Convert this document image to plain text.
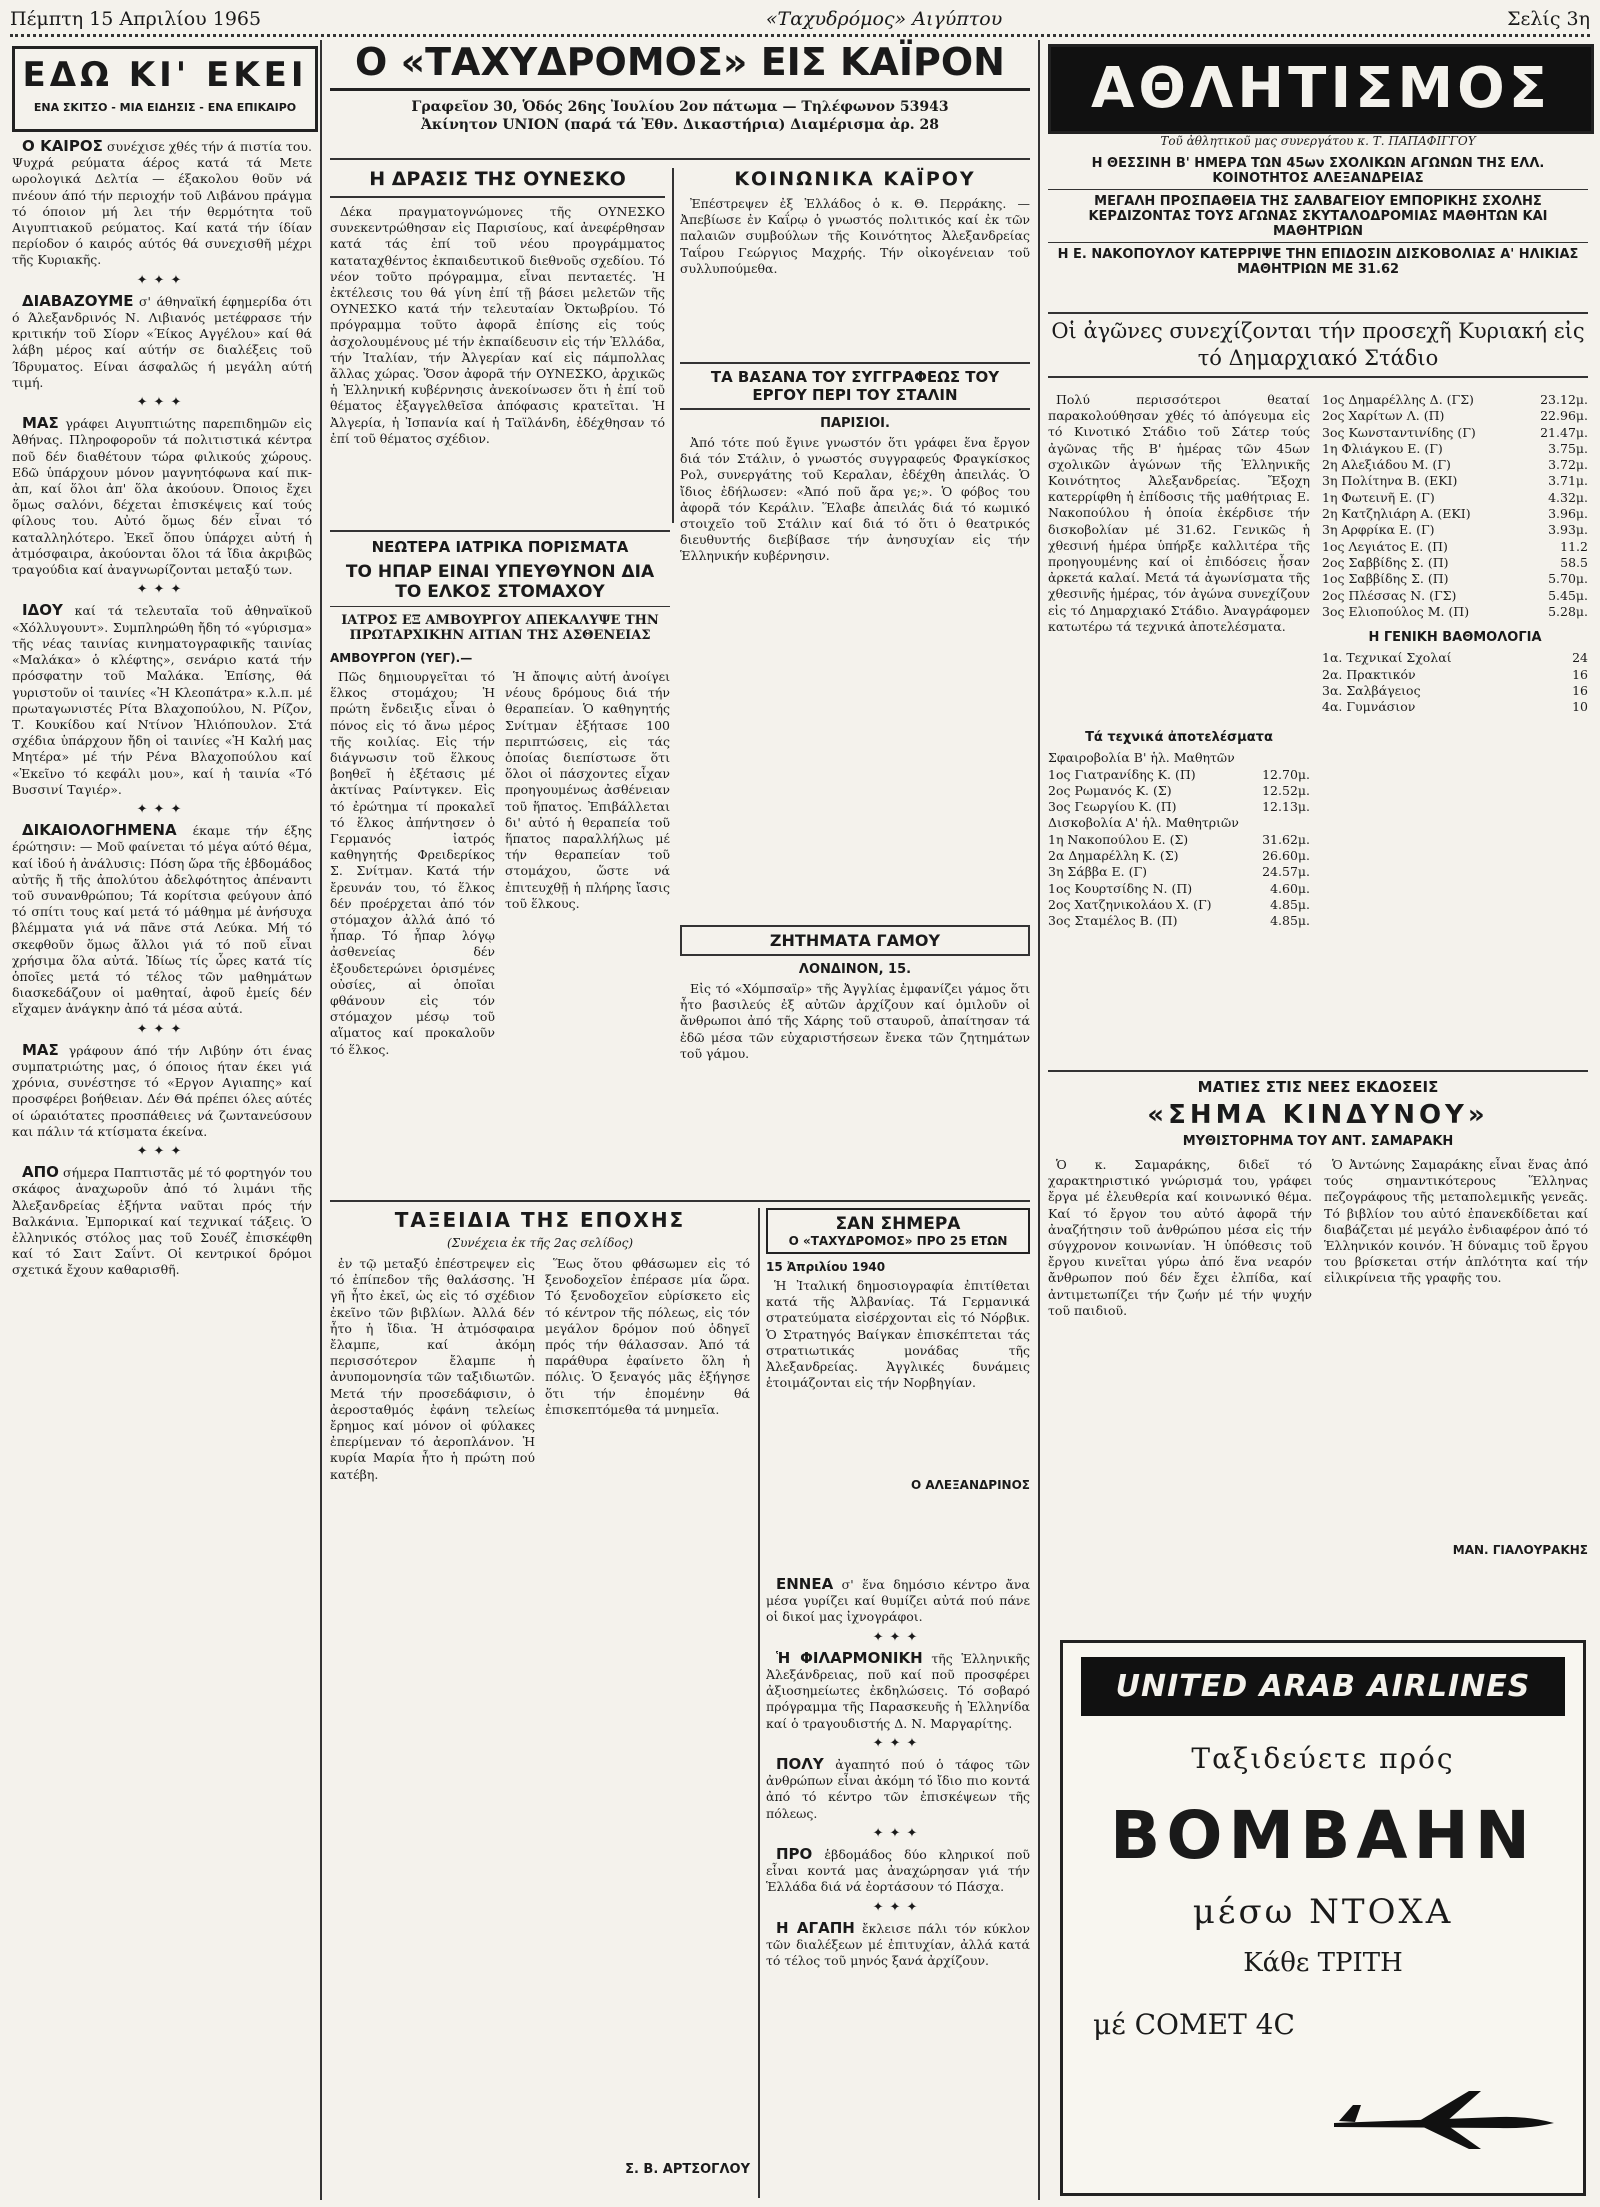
Πέμπτη 15 Απριλίου 1965	«Ταχυδρόμος» Αιγύπτου	Σελίς 3η
ΕΔΩ ΚΙ' ΕΚΕΙ
ΕΝΑ ΣΚΙΤΣΟ - ΜΙΑ ΕΙΔΗΣΙΣ - ΕΝΑ ΕΠΙΚΑΙΡΟ

Ο ΚΑΙΡΟΣ συνέχισε χθές τήν ά πιστία του. Ψυχρά ρεύματα άέρος κατά τά Μετε ωρολογικά Δελτία — έξακολου θοῦν νά πνέουν άπό τήν περιοχήν τοῦ Λιβάνου πράγμα τό όποιον μή λει τήν θερμότητα τοῦ Αιγυπτιακοῦ ρεύματος. Καί κατά τήν ίδίαν περίοδον ό καιρός αύτός θά συνεχισθῆ μέχρι τῆς Κυριακῆς.

✦✦✦

ΔΙΑΒΑΖΟΥΜΕ σ' άθηναϊκή έφημερίδα ότι ό Άλεξανδρινός Ν. Λιβιανός μετέφρασε τήν κριτικήν τοῦ Σίορν «Έίκος Αγγέλου» καί θά λάβη μέρος καί αύτήν σε διαλέξεις τοῦ Ίδρυματος. Είναι άσφαλῶς ή μεγάλη αύτή τιμή.

✦✦✦

ΜΑΣ γράφει Αιγυπτιώτης παρεπιδημῶν εἰς Ἀθήνας. Πληροφοροῦν τά πολιτιστικά κέντρα ποῦ δέν διαθέτουν τώρα φιλικούς χώρους. Εδῶ ὑπάρχουν μόνον μαγνητόφωνα καί πικ-ἀπ, καί ὅλοι ἀπ' ὅλα ἀκούουν. Όποιος ἔχει ὅμως σαλόνι, δέχεται ἐπισκέψεις καί τούς φίλους του. Αὐτό ὅμως δέν εἶναι τό καταλληλότερο. Ἐκεῖ ὅπου ὑπάρχει αὐτή ἡ ἀτμόσφαιρα, ἀκούονται ὅλοι τά ἴδια ἀκριβῶς τραγούδια καί ἀναγνωρίζονται μεταξύ των.

✦✦✦

ΙΔΟΥ καί τά τελευταῖα τοῦ ἀθηναϊκοῦ «Χόλλυγουντ». Συμπληρώθη ἤδη τό «γύρισμα» τῆς νέας ταινίας κινηματογραφικῆς ταινίας «Μαλάκα» ὁ κλέφτης», σενάριο κατά τήν πρόσφατην τοῦ Μαλάκα. Ἐπίσης, θά γυριστοῦν οἱ ταινίες «Ἡ Κλεοπάτρα» κ.λ.π. μέ πρωταγωνιστές Ρίτα Βλαχοπούλου, Ν. Ρίζον, Τ. Κουκίδου καί Ντίνον Ἠλιόπουλον. Στά σχέδια ὑπάρχουν ἤδη οἱ ταινίες «Ἡ Καλή μας Μητέρα» μέ τήν Ρένα Βλαχοπούλου καί «Ἐκεῖνο τό κεφάλι μου», καί ἡ ταινία «Τό Βυσσινί Ταγιέρ».

✦✦✦

ΔΙΚΑΙΟΛΟΓΗΜΕΝΑ έκαμε τήν έξης έρώτησιν: — Μοῦ φαίνεται τό μέγα αύτό θέμα, καί ἰδού ἡ ἀνάλυσις: Πόση ὥρα τῆς ἑβδομάδος αὐτῆς ἤ τῆς ἀπολύτου ἀδελφότητος ἀπέναντι τοῦ συνανθρώπου; Τά κορίτσια φεύγουν ἀπό τό σπίτι τους καί μετά τό μάθημα μέ ἀνήσυχα βλέμματα γιά νά πᾶνε στά Λεύκα. Μή τό σκεφθοῦν ὅμως ἄλλοι γιά τό ποῦ εἶναι χρήσιμα ὅλα αὐτά. Ἰδίως τίς ὧρες κατά τίς ὁποῖες μετά τό τέλος τῶν μαθημάτων διασκεδάζουν οἱ μαθηταί, ἀφοῦ ἐμείς δέν εἴχαμεν ἀνάγκην ἀπό τά μέσα αὐτά.

✦✦✦

ΜΑΣ γράφουν άπό τήν Λιβύην ότι ένας συμπατριώτης μας, ό όποιος ήταν έκει γιά χρόνια, συνέστησε τό «Εργον Αγιαπης» καί προσφέρει βοήθειαν. Δέν Θά πρέπει όλες αύτές οί ώραιότατες προσπάθειες νά ζωντανεύσουν και πάλιν τά κτίσματα έκείνα.

✦✦✦

ΑΠΟ σήμερα Παπτιστᾶς μέ τό φορτηγόν του σκάφος ἀναχωροῦν ἀπό τό λιμάνι τῆς Ἀλεξανδρείας ἐξήντα ναῦται πρός τήν Βαλκάνια. Ἐμπορικαί καί τεχνικαί τάξεις. Ὁ ἐλληνικός στόλος μας τοῦ Σουέζ ἐπισκέφθη καί τό Σαιτ Σαΐντ. Οἱ κεντρικοί δρόμοι σχετικά ἔχουν καθαρισθῆ.

Ο «ΤΑΧΥΔΡΟΜΟΣ» ΕΙΣ ΚΑΪΡΟΝ
Γραφεῖον 30, Ὁδός 26ης Ἰουλίου 2ον πάτωμα — Τηλέφωνον 53943
Ἀκίνητον UNION (παρά τά Ἐθν. Δικαστήρια) Διαμέρισμα ἀρ. 28
Η ΔΡΑΣΙΣ ΤΗΣ ΟΥΝΕΣΚΟ
Δέκα πραγματογνώμονες τῆς ΟΥΝΕΣΚΟ συνεκεντρώθησαν εἰς Παρισίους, καί ἀνεφέρθησαν κατά τάς ἐπί τοῦ νέου προγράμματος καταταχθέντος ἐκπαιδευτικοῦ διεθνοῦς σχεδίου. Τό νέον τοῦτο πρόγραμμα, εἶναι πενταετές. Ἡ ἐκτέλεσις του θά γίνη ἐπί τῇ βάσει μελετῶν τῆς ΟΥΝΕΣΚΟ κατά τήν τελευταίαν Ὀκτωβρίου. Τό πρόγραμμα τοῦτο ἀφορᾶ ἐπίσης εἰς τούς ἀσχολουμένους μέ τήν ἐκπαίδευσιν εἰς τήν Ἑλλάδα, τήν Ἰταλίαν, τήν Ἀλγερίαν καί εἰς πάμπολλας ἄλλας χώρας. Ὅσον ἀφορᾶ τήν ΟΥΝΕΣΚΟ, ἀρχικῶς ἡ Ἑλληνική κυβέρνησις ἀνεκοίνωσεν ὅτι ἡ ἐπί τοῦ θέματος ἐξαγγελθεῖσα ἀπόφασις κρατεῖται. Ἡ Ἀλγερία, ἡ Ἰσπανία καί ἡ Ταϊλάνδη, ἐδέχθησαν τό ἐπί τοῦ θέματος σχέδιον.
ΚΟΙΝΩΝΙΚΑ ΚΑΪΡΟΥ
Ἐπέστρεψεν ἐξ Ἑλλάδος ὁ κ. Θ. Περράκης. — Ἀπεβίωσε ἐν Καΐρῳ ὁ γνωστός πολιτικός καί ἐκ τῶν παλαιῶν συμβούλων τῆς Κοινότητος Ἀλεξανδρείας Ταΐρου Γεώργιος Μαχρής. Τήν οἰκογένειαν τοῦ συλλυπούμεθα.
ΤΑ ΒΑΣΑΝΑ ΤΟΥ ΣΥΓΓΡΑΦΕΩΣ ΤΟΥ ΕΡΓΟΥ ΠΕΡΙ ΤΟΥ ΣΤΑΛΙΝ
ΠΑΡΙΣΙΟΙ.
Ἀπό τότε πού ἔγινε γνωστόν ὅτι γράφει ἕνα ἔργον διά τόν Στάλιν, ὁ γνωστός συγγραφεύς Φραγκίσκος Ρολ, συνεργάτης τοῦ Κεραλαν, ἐδέχθη ἀπειλάς. Ὁ ἴδιος ἐδήλωσεν: «Ἀπό ποῦ ἄρα γε;». Ὁ φόβος του ἀφορᾶ τόν Κεράλιν. Ἕλαβε ἀπειλάς διά τό κωμικό στοιχεῖο τοῦ Στάλιν καί διά τό ὅτι ὁ θεατρικός διευθυντής διεβίβασε τήν ἀνησυχίαν εἰς τήν Ἑλληνικήν κυβέρνησιν.
ΖΗΤΗΜΑΤΑ ΓΑΜΟΥ
ΛΟΝΔΙΝΟΝ, 15.
Εἰς τό «Χόμπσαϊρ» τῆς Ἀγγλίας ἐμφανίζει γάμος ὅτι ἦτο βασιλεύς ἐξ αὐτῶν ἀρχίζουν καί ὁμιλοῦν οἱ ἄνθρωποι ἀπό τῆς Χάρης τοῦ σταυροῦ, ἀπαίτησαν τά ἐδῶ μέσα τῶν εὐχαριστήσεων ἔνεκα τῶν ζητημάτων τοῦ γάμου.
ΝΕΩΤΕΡΑ ΙΑΤΡΙΚΑ ΠΟΡΙΣΜΑΤΑ
ΤΟ ΗΠΑΡ ΕΙΝΑΙ ΥΠΕΥΘΥΝΟΝ ΔΙΑ ΤΟ ΕΛΚΟΣ ΣΤΟΜΑΧΟΥ
ΙΑΤΡΟΣ ΕΞ ΑΜΒΟΥΡΓΟΥ ΑΠΕΚΑΛΥΨΕ ΤΗΝ ΠΡΩΤΑΡΧΙΚΗΝ ΑΙΤΙΑΝ ΤΗΣ ΑΣΘΕΝΕΙΑΣ
ΑΜΒΟΥΡΓΟΝ (ΥΕΓ).—
Πῶς δημιουργεῖται τό ἕλκος στομάχου; Ἡ πρώτη ἔνδειξις εἶναι ὁ πόνος εἰς τό ἄνω μέρος τῆς κοιλίας. Εἰς τήν διάγνωσιν τοῦ ἕλκους βοηθεῖ ἡ ἐξέτασις μέ ἀκτίνας Ραίντγκεν. Εἰς τό ἐρώτημα τί προκαλεῖ τό ἕλκος ἀπήντησεν ὁ Γερμανός ἰατρός καθηγητής Φρειδερίκος Σ. Σνίτμαν. Κατά τήν ἔρευνάν του, τό ἕλκος δέν προέρχεται ἀπό τόν στόμαχον ἀλλά ἀπό τό ἧπαρ. Τό ἧπαρ λόγῳ ἀσθενείας δέν ἐξουδετερώνει ὁρισμένες οὐσίες, αἱ ὁποῖαι φθάνουν εἰς τόν στόμαχον μέσῳ τοῦ αἵματος καί προκαλοῦν τό ἕλκος.
Ἡ ἄποψις αὐτή ἀνοίγει νέους δρόμους διά τήν θεραπείαν. Ὁ καθηγητής Σνίτμαν ἐξήτασε 100 περιπτώσεις, εἰς τάς ὁποίας διεπίστωσε ὅτι ὅλοι οἱ πάσχοντες εἶχαν προηγουμένως ἀσθένειαν τοῦ ἥπατος. Ἐπιβάλλεται δι' αὐτό ἡ θεραπεία τοῦ ἥπατος παραλλήλως μέ τήν θεραπείαν τοῦ στομάχου, ὥστε νά ἐπιτευχθῇ ἡ πλήρης ἴασις τοῦ ἕλκους.
ΤΑΞΕΙΔΙΑ ΤΗΣ ΕΠΟΧΗΣ
(Συνέχεια ἐκ τῆς 2ας σελίδος)
ἐν τῷ μεταξύ ἐπέστρεψεν εἰς τό ἐπίπεδον τῆς θαλάσσης. Ἡ γῆ ἦτο ἐκεῖ, ὡς εἰς τό σχέδιον ἐκεῖνο τῶν βιβλίων. Ἀλλά δέν ἦτο ἡ ἴδια. Ἡ ἀτμόσφαιρα ἔλαμπε, καί ἀκόμη περισσότερον ἔλαμπε ἡ ἀνυπομονησία τῶν ταξιδιωτῶν. Μετά τήν προσεδάφισιν, ὁ ἀεροσταθμός ἐφάνη τελείως ἔρημος καί μόνον οἱ φύλακες ἐπερίμεναν τό ἀεροπλάνον. Ἡ κυρία Μαρία ἦτο ἡ πρώτη πού κατέβη.
Ἕως ὅτου φθάσωμεν εἰς τό ξενοδοχεῖον ἐπέρασε μία ὥρα. Τό ξενοδοχεῖον εὑρίσκετο εἰς τό κέντρον τῆς πόλεως, εἰς τόν μεγάλον δρόμον πού ὁδηγεῖ πρός τήν θάλασσαν. Ἀπό τά παράθυρα ἐφαίνετο ὅλη ἡ πόλις. Ὁ ξεναγός μᾶς ἐξήγησε ὅτι τήν ἑπομένην θά ἐπισκεπτόμεθα τά μνημεῖα.
Σ. Β. ΑΡΤΣΟΓΛΟΥ
ΣΑΝ ΣΗΜΕΡΑ
Ο «ΤΑΧΥΔΡΟΜΟΣ» ΠΡΟ 25 ΕΤΩΝ
15 Ἀπριλίου 1940
Ἡ Ἰταλική δημοσιογραφία ἐπιτίθεται κατά τῆς Ἀλβανίας. Τά Γερμανικά στρατεύματα εἰσέρχονται εἰς τό Νόρβικ. Ὁ Στρατηγός Βαίγκαν ἐπισκέπτεται τάς στρατιωτικάς μονάδας τῆς Ἀλεξανδρείας. Ἀγγλικές δυνάμεις ἑτοιμάζονται εἰς τήν Νορβηγίαν.
Ο ΑΛΕΞΑΝΔΡΙΝΟΣ

ΕΝΝΕΑ σ' ἕνα δημόσιο κέντρο ἄνα μέσα γυρίζει καί θυμίζει αὐτά πού πάνε οἱ δικοί μας ἰχνογράφοι.

✦✦✦

Ἡ ΦΙΛΑΡΜΟΝΙΚΗ τῆς Ἑλληνικῆς Ἀλεξάνδρειας, ποῦ καί ποῦ προσφέρει ἀξιοσημείωτες ἐκδηλώσεις. Τό σοβαρό πρόγραμμα τῆς Παρασκευῆς ἡ Ἑλληνίδα καί ὁ τραγουδιστής Δ. Ν. Μαργαρίτης.

✦✦✦

ΠΟΛΥ ἀγαπητό πού ὁ τάφος τῶν ἀνθρώπων εἶναι ἀκόμη τό ἴδιο πιο κοντά ἀπό τό κέντρο τῶν ἐπισκέψεων τῆς πόλεως.

✦✦✦

ΠΡΟ ἑβδομάδος δύο κληρικοί ποῦ εἶναι κοντά μας ἀναχώρησαν γιά τήν Ἑλλάδα διά νά ἐορτάσουν τό Πάσχα.

✦✦✦

Η ΑΓΑΠΗ ἔκλεισε πάλι τόν κύκλον τῶν διαλέξεων μέ ἐπιτυχίαν, ἀλλά κατά τό τέλος τοῦ μηνός ξανά ἀρχίζουν.

ΑΘΛΗΤΙΣΜΟΣ
Τοῦ ἀθλητικοῦ μας συνεργάτου κ. Τ. ΠΑΠΑΦΙΓΓΟΥ
Η ΘΕΣΣΙΝΗ Β' ΗΜΕΡΑ ΤΩΝ 45ων ΣΧΟΛΙΚΩΝ ΑΓΩΝΩΝ ΤΗΣ ΕΛΛ. ΚΟΙΝΟΤΗΤΟΣ ΑΛΕΞΑΝΔΡΕΙΑΣ
ΜΕΓΑΛΗ ΠΡΟΣΠΑΘΕΙΑ ΤΗΣ ΣΑΛΒΑΓΕΙΟΥ ΕΜΠΟΡΙΚΗΣ ΣΧΟΛΗΣ ΚΕΡΔΙΖΟΝΤΑΣ ΤΟΥΣ ΑΓΩΝΑΣ ΣΚΥΤΑΛΟΔΡΟΜΙΑΣ ΜΑΘΗΤΩΝ ΚΑΙ ΜΑΘΗΤΡΙΩΝ
Η Ε. ΝΑΚΟΠΟΥΛΟΥ ΚΑΤΕΡΡΙΨΕ ΤΗΝ ΕΠΙΔΟΣΙΝ ΔΙΣΚΟΒΟΛΙΑΣ Α' ΗΛΙΚΙΑΣ ΜΑΘΗΤΡΙΩΝ ΜΕ 31.62
Οἱ ἀγῶνες συνεχίζονται τήν προσεχῆ Κυριακή εἰς τό Δημαρχιακό Στάδιο
Πολύ περισσότεροι θεαταί παρακολούθησαν χθές τό ἀπόγευμα εἰς τό Κινοτικό Στάδιο τοῦ Σάτερ τούς ἀγῶνας τῆς Β' ἡμέρας τῶν 45ων σχολικῶν ἀγώνων τῆς Ἑλληνικῆς Κοινότητος Ἀλεξανδρείας. Ἔξοχη κατερρίφθη ἡ ἐπίδοσις τῆς μαθήτριας Ε. Νακοπούλου ἡ ὁποία ἐκέρδισε τήν δισκοβολίαν μέ 31.62. Γενικῶς ἡ χθεσινή ἡμέρα ὑπήρξε καλλιτέρα τῆς προηγουμένης καί οἱ ἐπιδόσεις ἦσαν ἀρκετά καλαί. Μετά τά ἀγωνίσματα τῆς χθεσινῆς ἡμέρας, τόν ἀγώνα συνεχίζουν εἰς τό Δημαρχιακό Στάδιο. Ἀναγράφομεν κατωτέρω τά τεχνικά ἀποτελέσματα.
Τά τεχνικά ἀποτελέσματα
Σφαιροβολία Β' ἡλ. Μαθητῶν
1ος Γιατρανίδης Κ. (Π)	12.70μ.
2ος Ρωμανός Κ. (Σ)	12.52μ.
3ος Γεωργίου Κ. (Π)	12.13μ.
Δισκοβολία Α' ἡλ. Μαθητριῶν
1η Νακοπούλου Ε. (Σ)	31.62μ.
2α Δημαρέλλη Κ. (Σ)	26.60μ.
3η Σάββα Ε. (Γ)	24.57μ.
1ος Κουρτσίδης Ν. (Π)	4.60μ.
2ος Χατζηνικολάου Χ. (Γ)	4.85μ.
3ος Σταμέλος Β. (Π)	4.85μ.
1ος Δημαρέλλης Δ. (ΓΣ)	23.12μ.
2ος Χαρίτων Λ. (Π)	22.96μ.
3ος Κωνσταντινίδης (Γ)	21.47μ.
1η Φλιάγκου Ε. (Γ)	3.75μ.
2η Αλεξιάδου Μ. (Γ)	3.72μ.
3η Πολίτηνα Β. (ΕΚΙ)	3.71μ.
1η Φωτεινῆ Ε. (Γ)	4.32μ.
2η Κατζηλιάρη Α. (ΕΚΙ)	3.96μ.
3η Αρφρίκα Ε. (Γ)	3.93μ.
1ος Λεγιάτος Ε. (Π)	11.2
2ος Σαββίδης Σ. (Π)	58.5
1ος Σαββίδης Σ. (Π)	5.70μ.
2ος Πλέσσας Ν. (ΓΣ)	5.45μ.
3ος Ελιοπούλος Μ. (Π)	5.28μ.
Η ΓΕΝΙΚΗ ΒΑΘΜΟΛΟΓΙΑ
1α. Τεχνικαί Σχολαί	24
2α. Πρακτικόν	16
3α. Σαλβάγειος	16
4α. Γυμνάσιον	10
ΜΑΤΙΕΣ ΣΤΙΣ ΝΕΕΣ ΕΚΔΟΣΕΙΣ
«ΣΗΜΑ ΚΙΝΔΥΝΟΥ»
ΜΥΘΙΣΤΟΡΗΜΑ ΤΟΥ ΑΝΤ. ΣΑΜΑΡΑΚΗ
Ὁ κ. Σαμαράκης, διδεῖ τό χαρακτηριστικό γνώρισμά του, γράφει ἔργα μέ ἐλευθερία καί κοινωνικό θέμα. Καί τό ἔργον του αὐτό ἀφορᾶ τήν ἀναζήτησιν τοῦ ἀνθρώπου μέσα εἰς τήν σύγχρονον κοινωνίαν. Ἡ ὑπόθεσις τοῦ ἔργου κινεῖται γύρω ἀπό ἕνα νεαρόν ἄνθρωπον πού δέν ἔχει ἐλπίδα, καί ἀντιμετωπίζει τήν ζωήν μέ τήν ψυχήν τοῦ παιδιοῦ.
Ὁ Ἀντώνης Σαμαράκης εἶναι ἕνας ἀπό τούς σημαντικότερους Ἕλληνας πεζογράφους τῆς μεταπολεμικῆς γενεᾶς. Τό βιβλίον του αὐτό ἐπανεκδίδεται καί διαβάζεται μέ μεγάλο ἐνδιαφέρον ἀπό τό Ἑλληνικόν κοινόν. Ἡ δύναμις τοῦ ἔργου του βρίσκεται στήν ἁπλότητα καί τήν εἰλικρίνεια τῆς γραφῆς του.
ΜΑΝ. ΓΙΑΛΟΥΡΑΚΗΣ
UNITED ARAB AIRLINES
Ταξιδεύετε πρός
ΒΟΜΒΑΗΝ
μέσω ΝΤΟΧΑ
Κάθε ΤΡΙΤΗ
μέ COMET 4C
